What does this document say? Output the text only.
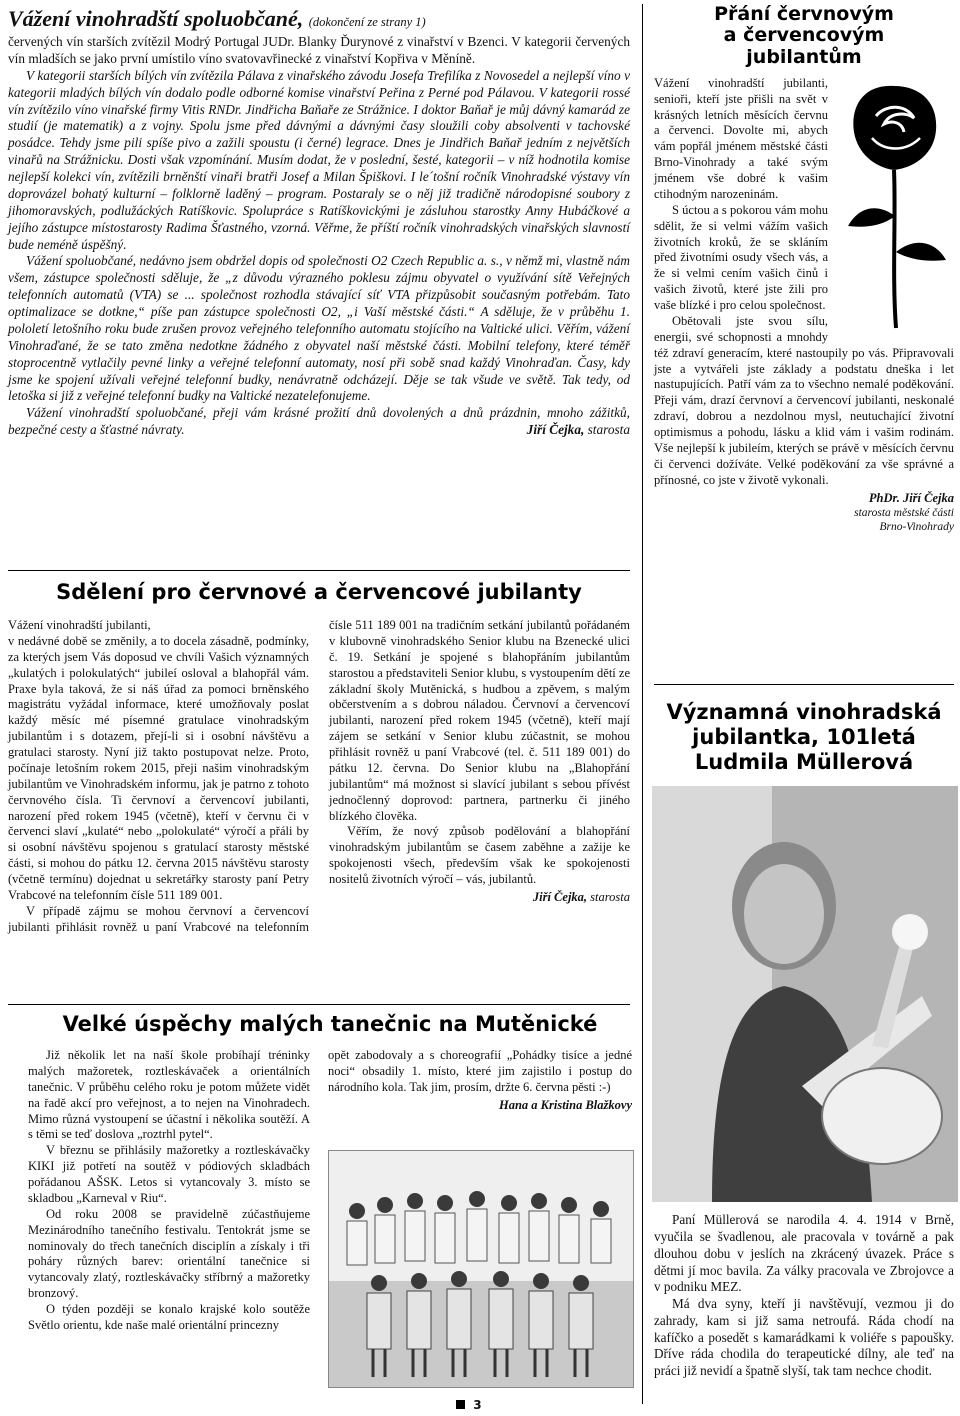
Vážení vinohradští spoluobčané, (dokončení ze strany 1)

červených vín starších zvítězil Modrý Portugal JUDr. Blanky Ďurynové z vinařství v Bzenci. V kategorii červených vín mladších se jako první umístilo víno svatovavřinecké z vinařství Kopřiva v Měníně.

V kategorii starších bílých vín zvítězila Pálava z vinařského závodu Josefa Trefilíka z Novosedel a nejlepší víno v kategorii mladých bílých vín dodalo podle odborné komise vinařství Peřina z Perné pod Pálavou. V kategorii rossé vín zvítězilo víno vinařské firmy Vitis RNDr. Jindřicha Baňaře ze Strážnice. I doktor Baňař je můj dávný kamarád ze studií (je matematik) a z vojny. Spolu jsme před dávnými a dávnými časy sloužili coby absolventi v tachovské posádce. Tehdy jsme pili spíše pivo a zažili spoustu (i černé) legrace. Dnes je Jindřich Baňař jedním z největších vinařů na Strážnicku. Dosti však vzpomínání. Musím dodat, že v poslední, šesté, kategorii – v níž hodnotila komise nejlepší kolekci vín, zvítězili brněnští vinaři bratři Josef a Milan Špiškovi. I le´tošní ročník Vinohradské výstavy vín doprovázel bohatý kulturní – folklorně laděný – program. Postaraly se o něj již tradičně národopisné soubory z jihomoravských, podlužáckých Ratíškovic. Spolupráce s Ratíškovickými je zásluhou starostky Anny Hubáčkové a jejího zástupce místostarosty Radima Šťastného, vzorná. Věřme, že příští ročník vinohradských vinařských slavností bude neméně úspěšný.

Vážení spoluobčané, nedávno jsem obdržel dopis od společnosti O2 Czech Republic a. s., v němž mi, vlastně nám všem, zástupce společnosti sděluje, že „z důvodu výrazného poklesu zájmu obyvatel o využívání sítě Veřejných telefonních automatů (VTA) se ... společnost rozhodla stávající síť VTA přizpůsobit současným potřebám. Tato optimalizace se dotkne,“ píše pan zástupce společnosti O2, „i Vaší městské části.“ A sděluje, že v průběhu 1. pololetí letošního roku bude zrušen provoz veřejného telefonního automatu stojícího na Valtické ulici. Věřím, vážení Vinohraďané, že se tato změna nedotkne žádného z obyvatel naší městské části. Mobilní telefony, které téměř stoprocentně vytlačily pevné linky a veřejné telefonní automaty, nosí při sobě snad každý Vinohraďan. Časy, kdy jsme ke spojení užívali veřejné telefonní budky, nenávratně odcházejí. Děje se tak všude ve světě. Tak tedy, od letoška si již z veřejné telefonní budky na Valtické nezatelefonujeme.

Vážení vinohradští spoluobčané, přeji vám krásné prožití dnů dovolených a dnů prázdnin, mnoho zážitků, bezpečné cesty a šťastné návraty.	Jiří Čejka, starosta

Sdělení pro červnové a červencové jubilanty

Vážení vinohradští jubilanti,

v nedávné době se změnily, a to docela zásadně, podmínky, za kterých jsem Vás doposud ve chvíli Vašich významných „kulatých i polokulatých“ jubileí osloval a blahopřál vám. Praxe byla taková, že si náš úřad za pomoci brněnského magistrátu vyžádal informace, které umožňovaly poslat každý měsíc mé písemné gratulace vinohradským jubilantům i s dotazem, přejí-li si i osobní návštěvu a gratulaci starosty. Nyní již takto postupovat nelze. Proto, počínaje letošním rokem 2015, přeji našim vinohradským jubilantům ve Vinohradském informu, jak je patrno z tohoto červnového čísla. Ti červnoví a červencoví jubilanti, narození před rokem 1945 (včetně), kteří v červnu či v červenci slaví „kulaté“ nebo „polokulaté“ výročí a přáli by si osobní návštěvu spojenou s gratulací starosty městské části, si mohou do pátku 12. června 2015 návštěvu starosty (včetně termínu) dojednat u sekretářky starosty paní Petry Vrabcové na telefonním čísle 511 189 001.

V případě zájmu se mohou červnoví a červencoví jubilanti přihlásit rovněž u paní Vrabcové na telefonním čísle 511 189 001 na tradičním setkání jubilantů pořádaném v klubovně vinohradského Senior klubu na Bzenecké ulici č. 19. Setkání je spojené s blahopřáním jubilantům starostou a představiteli Senior klubu, s vystoupením dětí ze základní školy Mutěnická, s hudbou a zpěvem, s malým občerstvením a s dobrou náladou. Červnoví a červencoví jubilanti, narození před rokem 1945 (včetně), kteří mají zájem se setkání v Senior klubu zúčastnit, se mohou přihlásit rovněž u paní Vrabcové (tel. č. 511 189 001) do pátku 12. června. Do Senior klubu na „Blahopřání jubilantům“ má možnost si slavící jubilant s sebou přívést jednočlenný doprovod: partnera, partnerku či jiného blízkého člověka.

Věřím, že nový způsob podělování a blahopřání vinohradským jubilantům se časem zaběhne a zažije ke spokojenosti všech, především však ke spokojenosti nositelů životních výročí – vás, jubilantů.

Jiří Čejka, starosta

Velké úspěchy malých tanečnic na Mutěnické

Již několik let na naší škole probíhají tréninky malých mažoretek, roztleskávaček a orientálních tanečnic. V průběhu celého roku je potom můžete vidět na řadě akcí pro veřejnost, a to nejen na Vinohradech. Mimo různá vystoupení se účastní i několika soutěží. A s těmi se teď doslova „roztrhl pytel“.

V březnu se přihlásily mažoretky a roztleskávačky KIKI již potřetí na soutěž v pódiových skladbách pořádanou AŠSK. Letos si vytancovaly 3. místo se skladbou „Karneval v Riu“.

Od roku 2008 se pravidelně zúčastňujeme Mezinárodního tanečního festivalu. Tentokrát jsme se nominovaly do třech tanečních disciplín a získaly i tři poháry různých barev: orientální tanečnice si vytancovaly zlatý, roztleskávačky stříbrný a mažoretky bronzový.

O týden později se konalo krajské kolo soutěže Světlo orientu, kde naše malé orientální princezny

opět zabodovaly a s choreografií „Pohádky tisíce a jedné noci“ obsadily 1. místo, které jim zajistilo i postup do národního kola. Tak jim, prosím, držte 6. června pěsti :-)

Hana a Kristina Blažkovy

Přání červnovým
a červencovým
jubilantům

Vážení vinohradští jubilanti, senioři, kteří jste přišli na svět v krásných letních měsících červnu a červenci. Dovolte mi, abych vám popřál jménem městské části Brno-Vinohrady a také svým jménem vše dobré k vašim ctihodným narozeninám.

S úctou a s pokorou vám mohu sdělit, že si velmi vážím vašich životních kroků, že se skláním před životními osudy všech vás, a že si velmi cením vašich činů i vašich životů, které jste žili pro vaše blízké i pro celou společnost.

Obětovali jste svou sílu, energii, své schopnosti a mnohdy též zdraví generacím, které nastoupily po vás. Připravovali jste a vytvářeli jste základy a podstatu dneška i let nastupujících. Patří vám za to všechno nemalé poděkování. Přeji vám, drazí červnoví a červencoví jubilanti, neskonalé zdraví, dobrou a nezdolnou mysl, neutuchající životní optimismus a pohodu, lásku a klid vám i vašim rodinám. Vše nejlepší k jubileím, kterých se právě v měsících červnu či červenci dožíváte. Velké poděkování za vše správné a přínosné, co jste v životě vykonali.

PhDr. Jiří Čejka

starosta městské části
Brno-Vinohrady

Významná vinohradská
jubilantka, 101letá
Ludmila Müllerová

Paní Müllerová se narodila 4. 4. 1914 v Brně, vyučila se švadlenou, ale pracovala v továrně a pak dlouhou dobu v jeslích na zkrácený úvazek. Práce s dětmi jí moc bavila. Za války pracovala ve Zbrojovce a v podniku MEZ.

Má dva syny, kteří ji navštěvují, vezmou ji do zahrady, kam si již sama netroufá. Ráda chodí na kafíčko a posedět s kamarádkami k voliéře s papoušky. Dříve ráda chodila do terapeutické dílny, ale teď na práci již nevidí a špatně slyší, tak tam nechce chodit.

3
